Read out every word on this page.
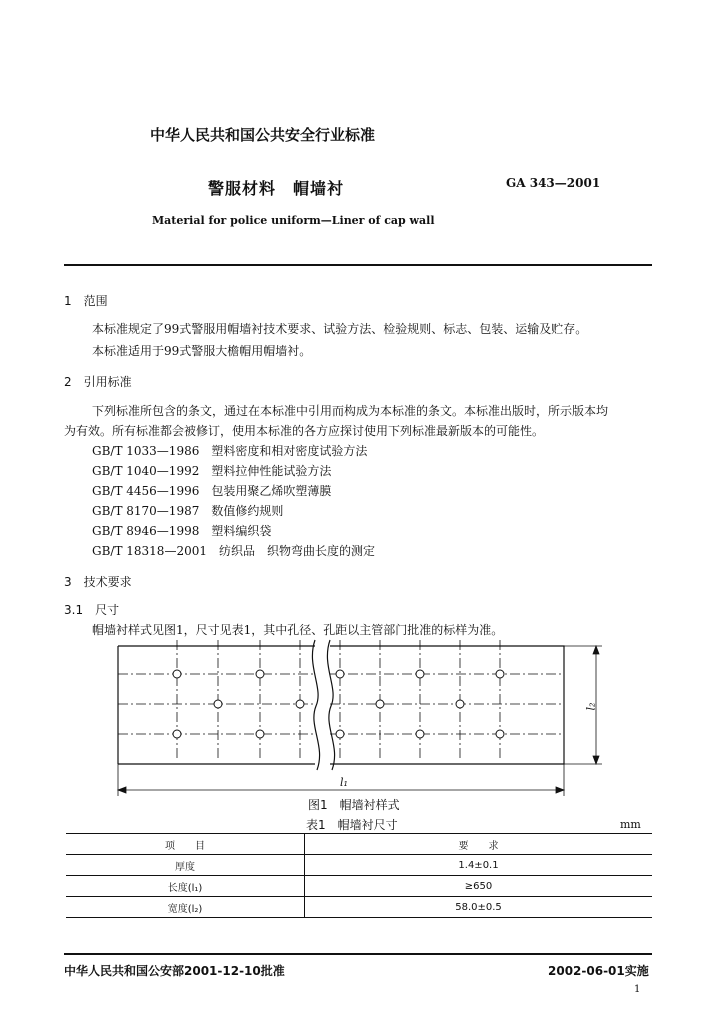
中华人民共和国公共安全行业标准
警服材料　帽墙衬	GA 343—2001
Material for police uniform—Liner of cap wall
1　范围
本标准规定了99式警服用帽墙衬技术要求、试验方法、检验规则、标志、包装、运输及贮存。
本标准适用于99式警服大檐帽用帽墙衬。
2　引用标准
下列标准所包含的条文，通过在本标准中引用而构成为本标准的条文。本标准出版时，所示版本均
为有效。所有标准都会被修订，使用本标准的各方应探讨使用下列标准最新版本的可能性。
GB/T 1033—1986　塑料密度和相对密度试验方法
GB/T 1040—1992　塑料拉伸性能试验方法
GB/T 4456—1996　包装用聚乙烯吹塑薄膜
GB/T 8170—1987　数值修约规则
GB/T 8946—1998　塑料编织袋
GB/T 18318—2001　纺织品　织物弯曲长度的测定
3　技术要求
3.1　尺寸
帽墙衬样式见图1，尺寸见表1，其中孔径、孔距以主管部门批准的标样为准。
l₂
l₁
图1　帽墙衬样式
表1　帽墙衬尺寸	mm
项　　目	要　　求
厚度	1.4±0.1
长度(l₁)	≥650
宽度(l₂)	58.0±0.5
中华人民共和国公安部2001-12-10批准	2002-06-01实施
1
